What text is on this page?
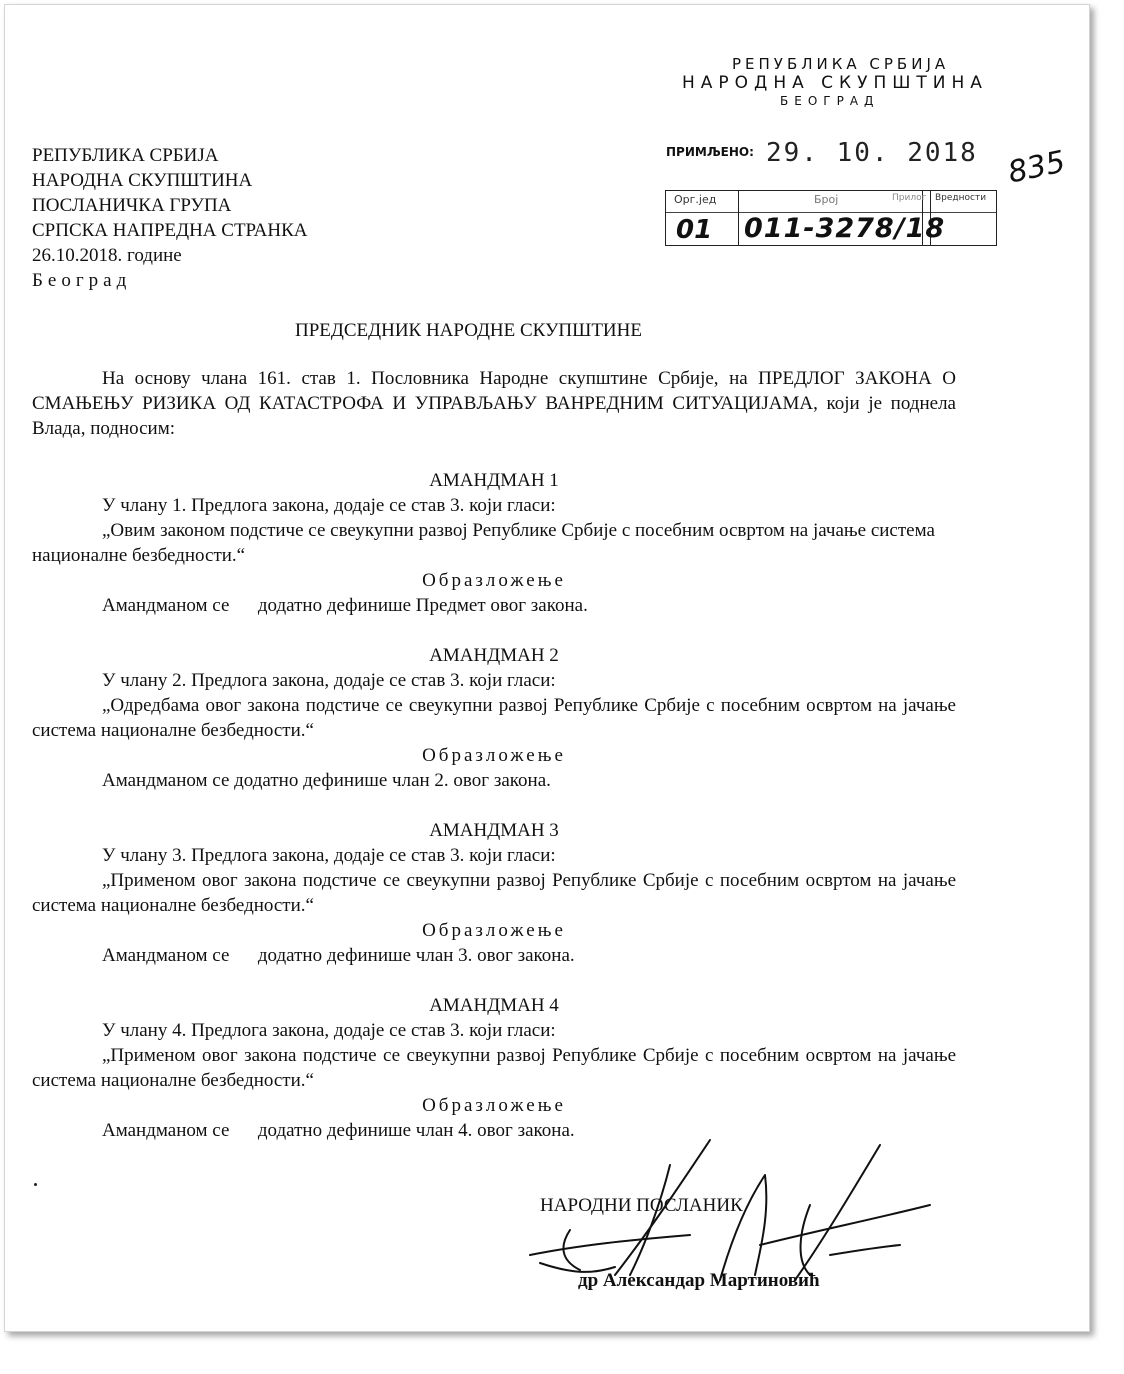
РЕПУБЛИКА СРБИЈА
НАРОДНА СКУПШТИНА
БЕОГРАД
ПРИМЉЕНО: 29. 10. 2018
Орг.јед	Број	Прилог Вредности
01 011-3278/18
835
РЕПУБЛИКА СРБИЈА
НАРОДНА СКУПШТИНА
ПОСЛАНИЧКА ГРУПА
СРПСКА НАПРЕДНА СТРАНКА
26.10.2018. године
Београд
ПРЕДСЕДНИК НАРОДНЕ СКУПШТИНЕ
На основу члана 161. став 1. Пословника Народне скупштине Србије, на ПРЕДЛОГ ЗАКОНА О СМАЊЕЊУ РИЗИКА ОД КАТАСТРОФА И УПРАВЉАЊУ ВАНРЕДНИМ СИТУАЦИЈАМА, који је поднела Влада, подносим:
АМАНДМАН 1
У члану 1. Предлога закона, додаје се став 3. који гласи:
„Овим законом подстиче се свеукупни развој Републике Србије с посебним освртом на јачање система националне безбедности.“
Образложење
Амандманом се      додатно дефинише Предмет овог закона.
АМАНДМАН 2
У члану 2. Предлога закона, додаје се став 3. који гласи:
„Одредбама овог закона подстиче се свеукупни развој Републике Србије с посебним освртом на јачање система националне безбедности.“
Образложење
Амандманом се додатно дефинише члан 2. овог закона.
АМАНДМАН 3
У члану 3. Предлога закона, додаје се став 3. који гласи:
„Применом овог закона подстиче се свеукупни развој Републике Србије с посебним освртом на јачање система националне безбедности.“
Образложење
Амандманом се      додатно дефинише члан 3. овог закона.
АМАНДМАН 4
У члану 4. Предлога закона, додаје се став 3. који гласи:
„Применом овог закона подстиче се свеукупни развој Републике Србије с посебним освртом на јачање система националне безбедности.“
Образложење
Амандманом се      додатно дефинише члан 4. овог закона.
НАРОДНИ ПОСЛАНИК
др Александар Мартиновић
